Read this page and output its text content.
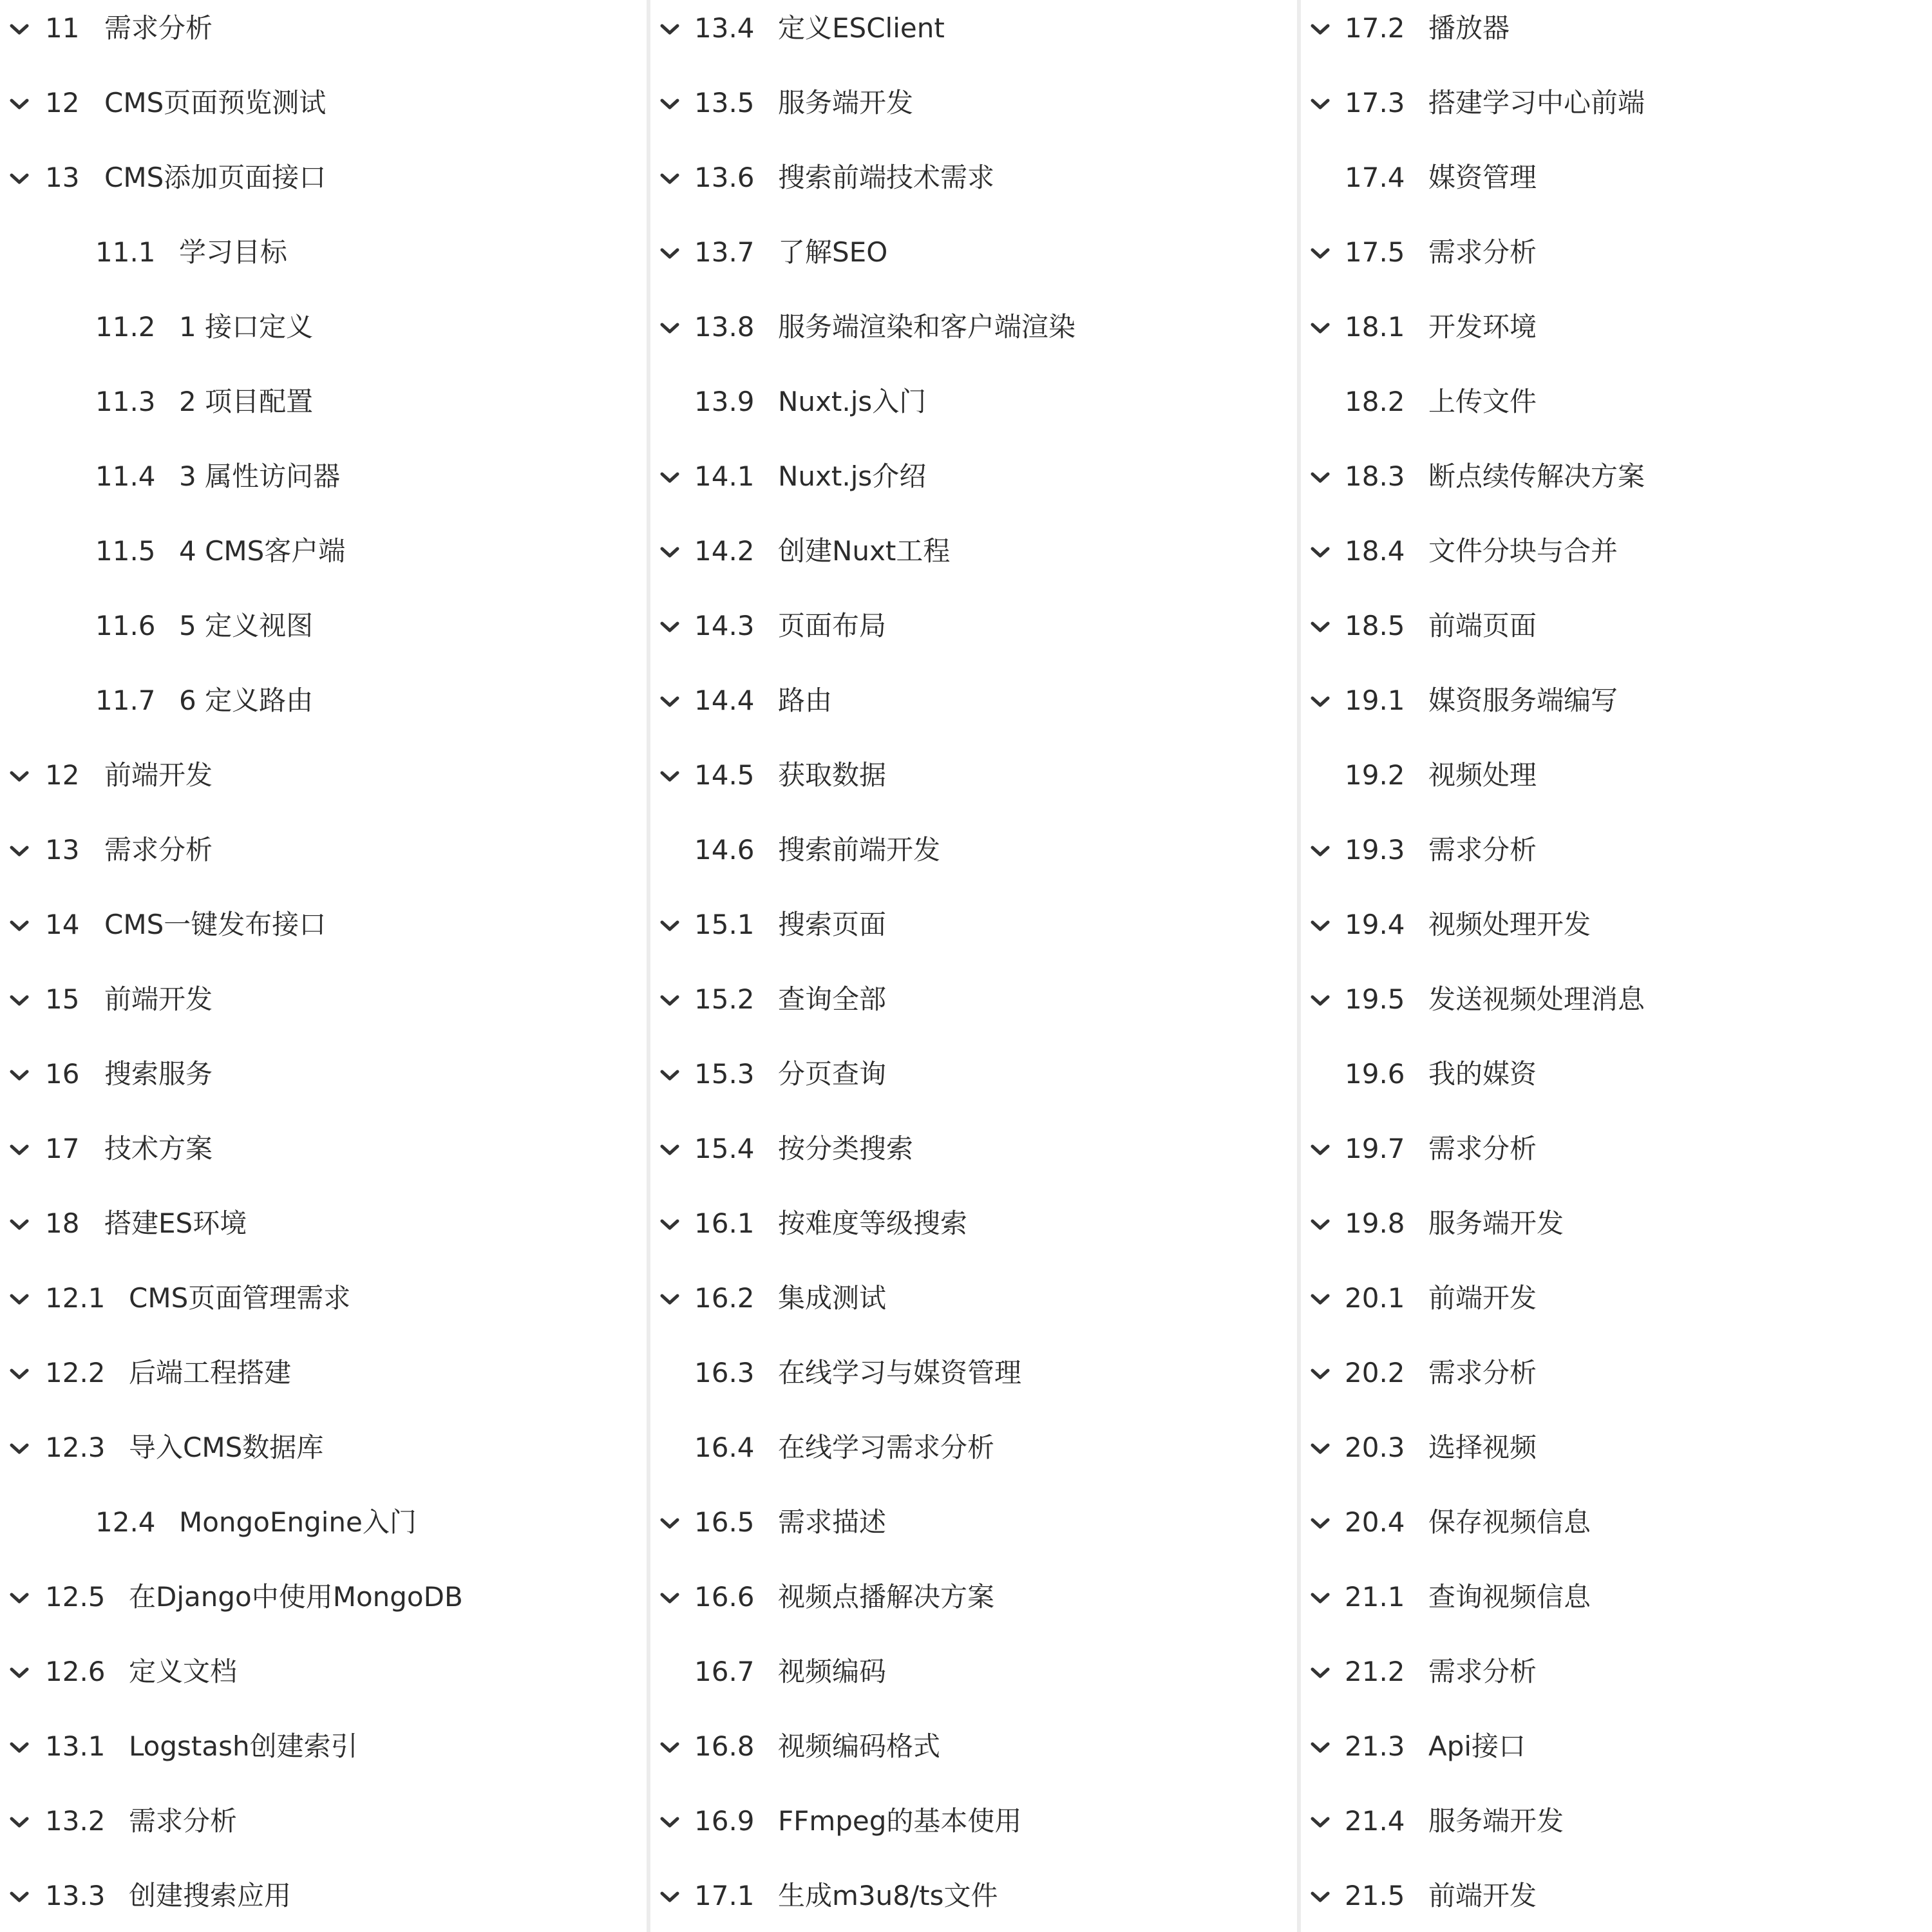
11 需求分析
12 CMS页面预览测试
13 CMS添加页面接口
11.1 学习目标
11.2 1 接口定义
11.3 2 项目配置
11.4 3 属性访问器
11.5 4 CMS客户端
11.6 5 定义视图
11.7 6 定义路由
12 前端开发
13 需求分析
14 CMS一键发布接口
15 前端开发
16 搜索服务
17 技术方案
18 搭建ES环境
12.1 CMS页面管理需求
12.2 后端工程搭建
12.3 导入CMS数据库
12.4 MongoEngine入门
12.5 在Django中使用MongoDB
12.6 定义文档
13.1 Logstash创建索引
13.2 需求分析
13.3 创建搜索应用
13.4 定义ESClient
13.5 服务端开发
13.6 搜索前端技术需求
13.7 了解SEO
13.8 服务端渲染和客户端渲染
13.9 Nuxt.js入门
14.1 Nuxt.js介绍
14.2 创建Nuxt工程
14.3 页面布局
14.4 路由
14.5 获取数据
14.6 搜索前端开发
15.1 搜索页面
15.2 查询全部
15.3 分页查询
15.4 按分类搜索
16.1 按难度等级搜索
16.2 集成测试
16.3 在线学习与媒资管理
16.4 在线学习需求分析
16.5 需求描述
16.6 视频点播解决方案
16.7 视频编码
16.8 视频编码格式
16.9 FFmpeg的基本使用
17.1 生成m3u8/ts文件
17.2 播放器
17.3 搭建学习中心前端
17.4 媒资管理
17.5 需求分析
18.1 开发环境
18.2 上传文件
18.3 断点续传解决方案
18.4 文件分块与合并
18.5 前端页面
19.1 媒资服务端编写
19.2 视频处理
19.3 需求分析
19.4 视频处理开发
19.5 发送视频处理消息
19.6 我的媒资
19.7 需求分析
19.8 服务端开发
20.1 前端开发
20.2 需求分析
20.3 选择视频
20.4 保存视频信息
21.1 查询视频信息
21.2 需求分析
21.3 Api接口
21.4 服务端开发
21.5 前端开发
